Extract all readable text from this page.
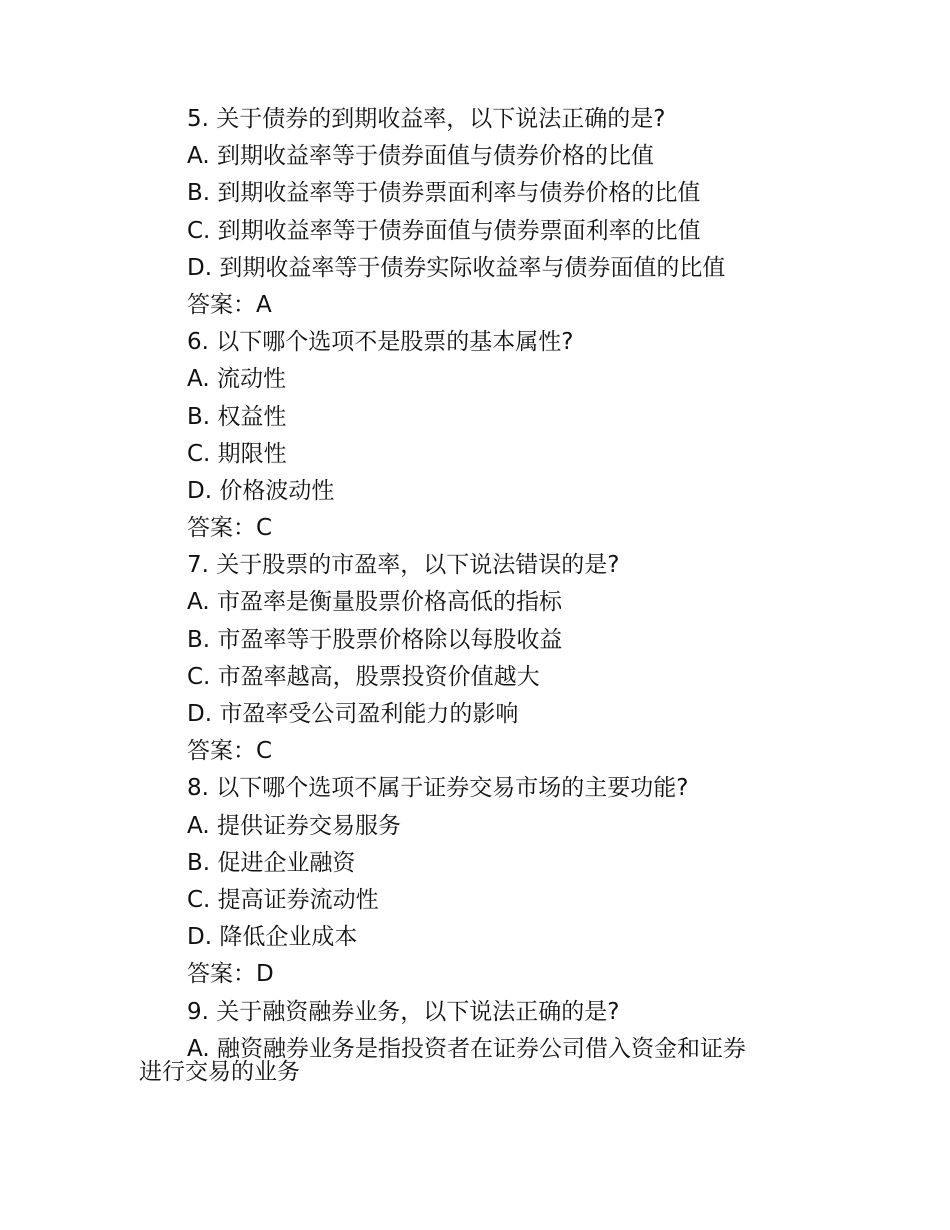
5. 关于债券的到期收益率，以下说法正确的是?
A. 到期收益率等于债券面值与债券价格的比值
B. 到期收益率等于债券票面利率与债券价格的比值
C. 到期收益率等于债券面值与债券票面利率的比值
D. 到期收益率等于债券实际收益率与债券面值的比值
答案：A
6. 以下哪个选项不是股票的基本属性?
A. 流动性
B. 权益性
C. 期限性
D. 价格波动性
答案：C
7. 关于股票的市盈率，以下说法错误的是?
A. 市盈率是衡量股票价格高低的指标
B. 市盈率等于股票价格除以每股收益
C. 市盈率越高，股票投资价值越大
D. 市盈率受公司盈利能力的影响
答案：C
8. 以下哪个选项不属于证券交易市场的主要功能?
A. 提供证券交易服务
B. 促进企业融资
C. 提高证券流动性
D. 降低企业成本
答案：D
9. 关于融资融券业务，以下说法正确的是?
A. 融资融券业务是指投资者在证券公司借入资金和证券
进行交易的业务
